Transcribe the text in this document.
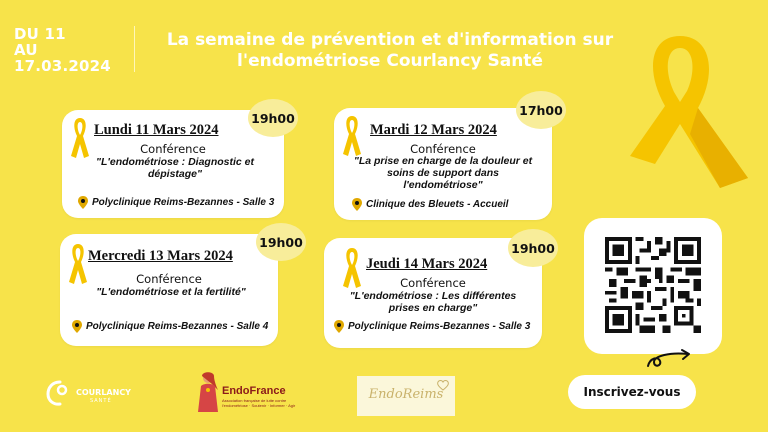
DU 11
AU
17.03.2024
La semaine de prévention et d'information sur
l'endométriose Courlancy Santé
Lundi 11 Mars 2024
Conférence
"L'endométriose : Diagnostic et dépistage"
Polyclinique Reims-Bezannes - Salle 3
19h00
Mardi 12 Mars 2024
Conférence
"La prise en charge de la douleur et soins de support dans l'endométriose"
Clinique des Bleuets - Accueil
17h00
Mercredi 13 Mars 2024
Conférence
"L'endométriose et la fertilité"
Polyclinique Reims-Bezannes - Salle 4
19h00
Jeudi 14 Mars 2024
Conférence
"L'endométriose : Les différentes prises en charge"
Polyclinique Reims-Bezannes - Salle 3
19h00
Inscrivez-vous
COURLANCY
SANTÉ
EndoFrance
Association française de lutte contre l'endométriose · Soutenir · Informer · Agir
EndoReims
